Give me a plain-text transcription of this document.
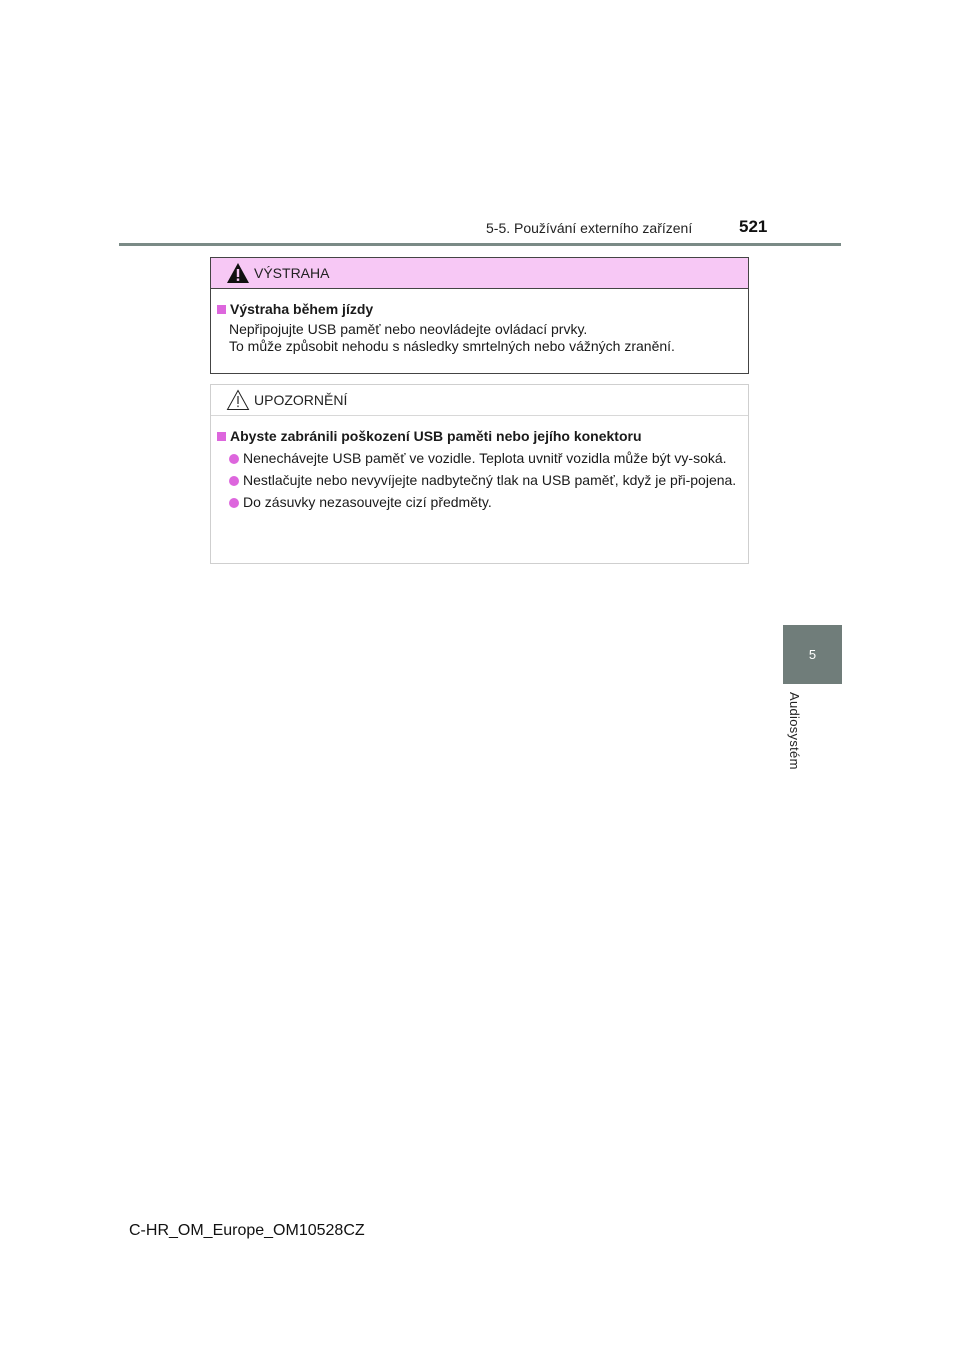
5-5. Používání externího zařízení	521
5
Audiosystém
VÝSTRAHA
Výstraha během jízdy
Nepřipojujte USB paměť nebo neovládejte ovládací prvky.
To může způsobit nehodu s následky smrtelných nebo vážných zranění.
UPOZORNĚNÍ
Abyste zabránili poškození USB paměti nebo jejího konektoru
Nenechávejte USB paměť ve vozidle. Teplota uvnitř vozidla může být vy-soká.
Nestlačujte nebo nevyvíjejte nadbytečný tlak na USB paměť, když je při-pojena.
Do zásuvky nezasouvejte cizí předměty.
C-HR_OM_Europe_OM10528CZ
